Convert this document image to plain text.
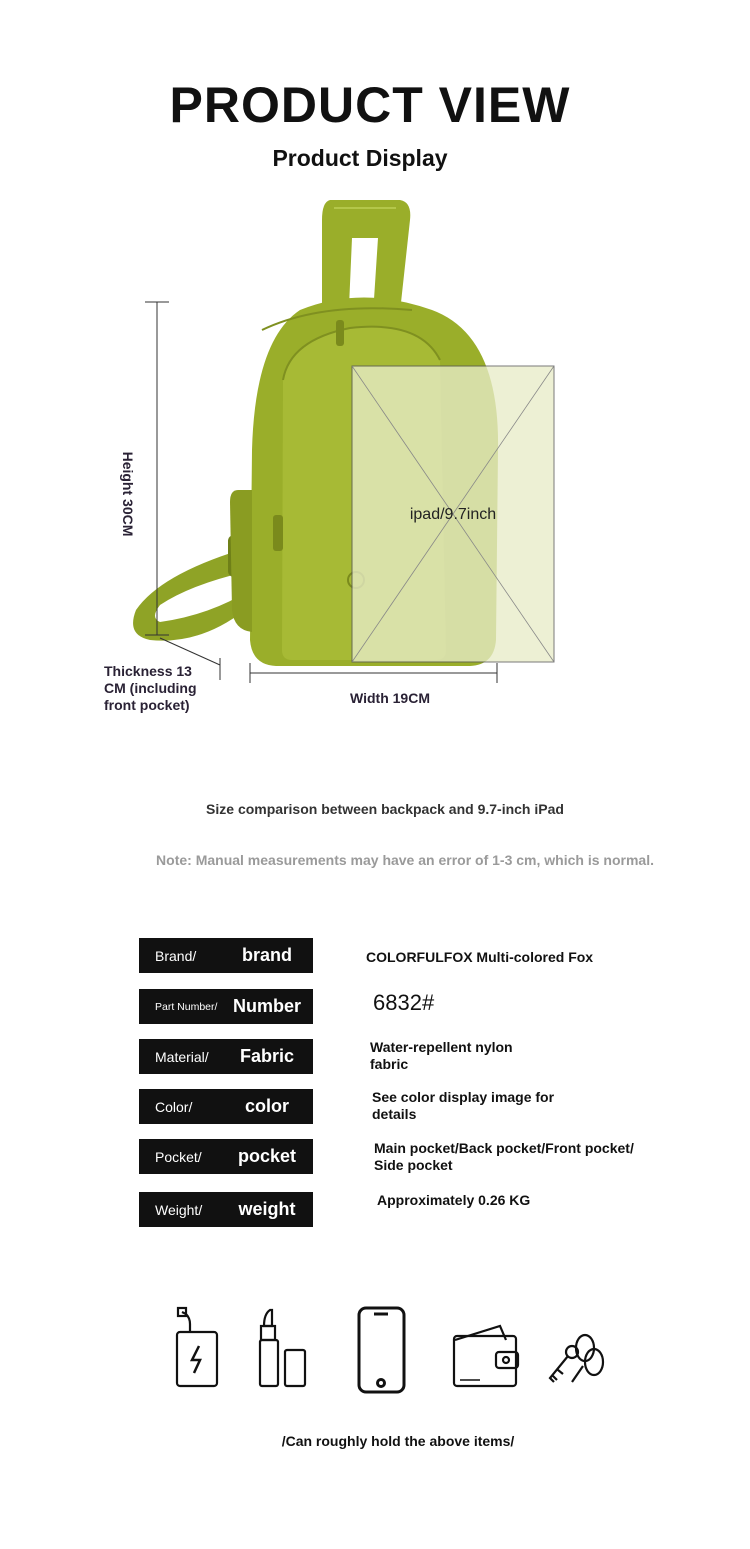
PRODUCT VIEW
Product Display
Height 30CM
Thickness 13 CM (including front pocket)	Width 19CM
ipad/9.7inch
Size comparison between backpack and 9.7-inch iPad
Note: Manual measurements may have an error of 1-3 cm, which is normal.
Brand/	brand	COLORFULFOX Multi-colored Fox
Part Number/ Number	6832#
Material/	Fabric	Water-repellent nylon fabric
Color/	color	See color display image for details
Pocket/	pocket	Main pocket/Back pocket/Front pocket/ Side pocket
Weight/	weight	Approximately 0.26 KG
/Can roughly hold the above items/
